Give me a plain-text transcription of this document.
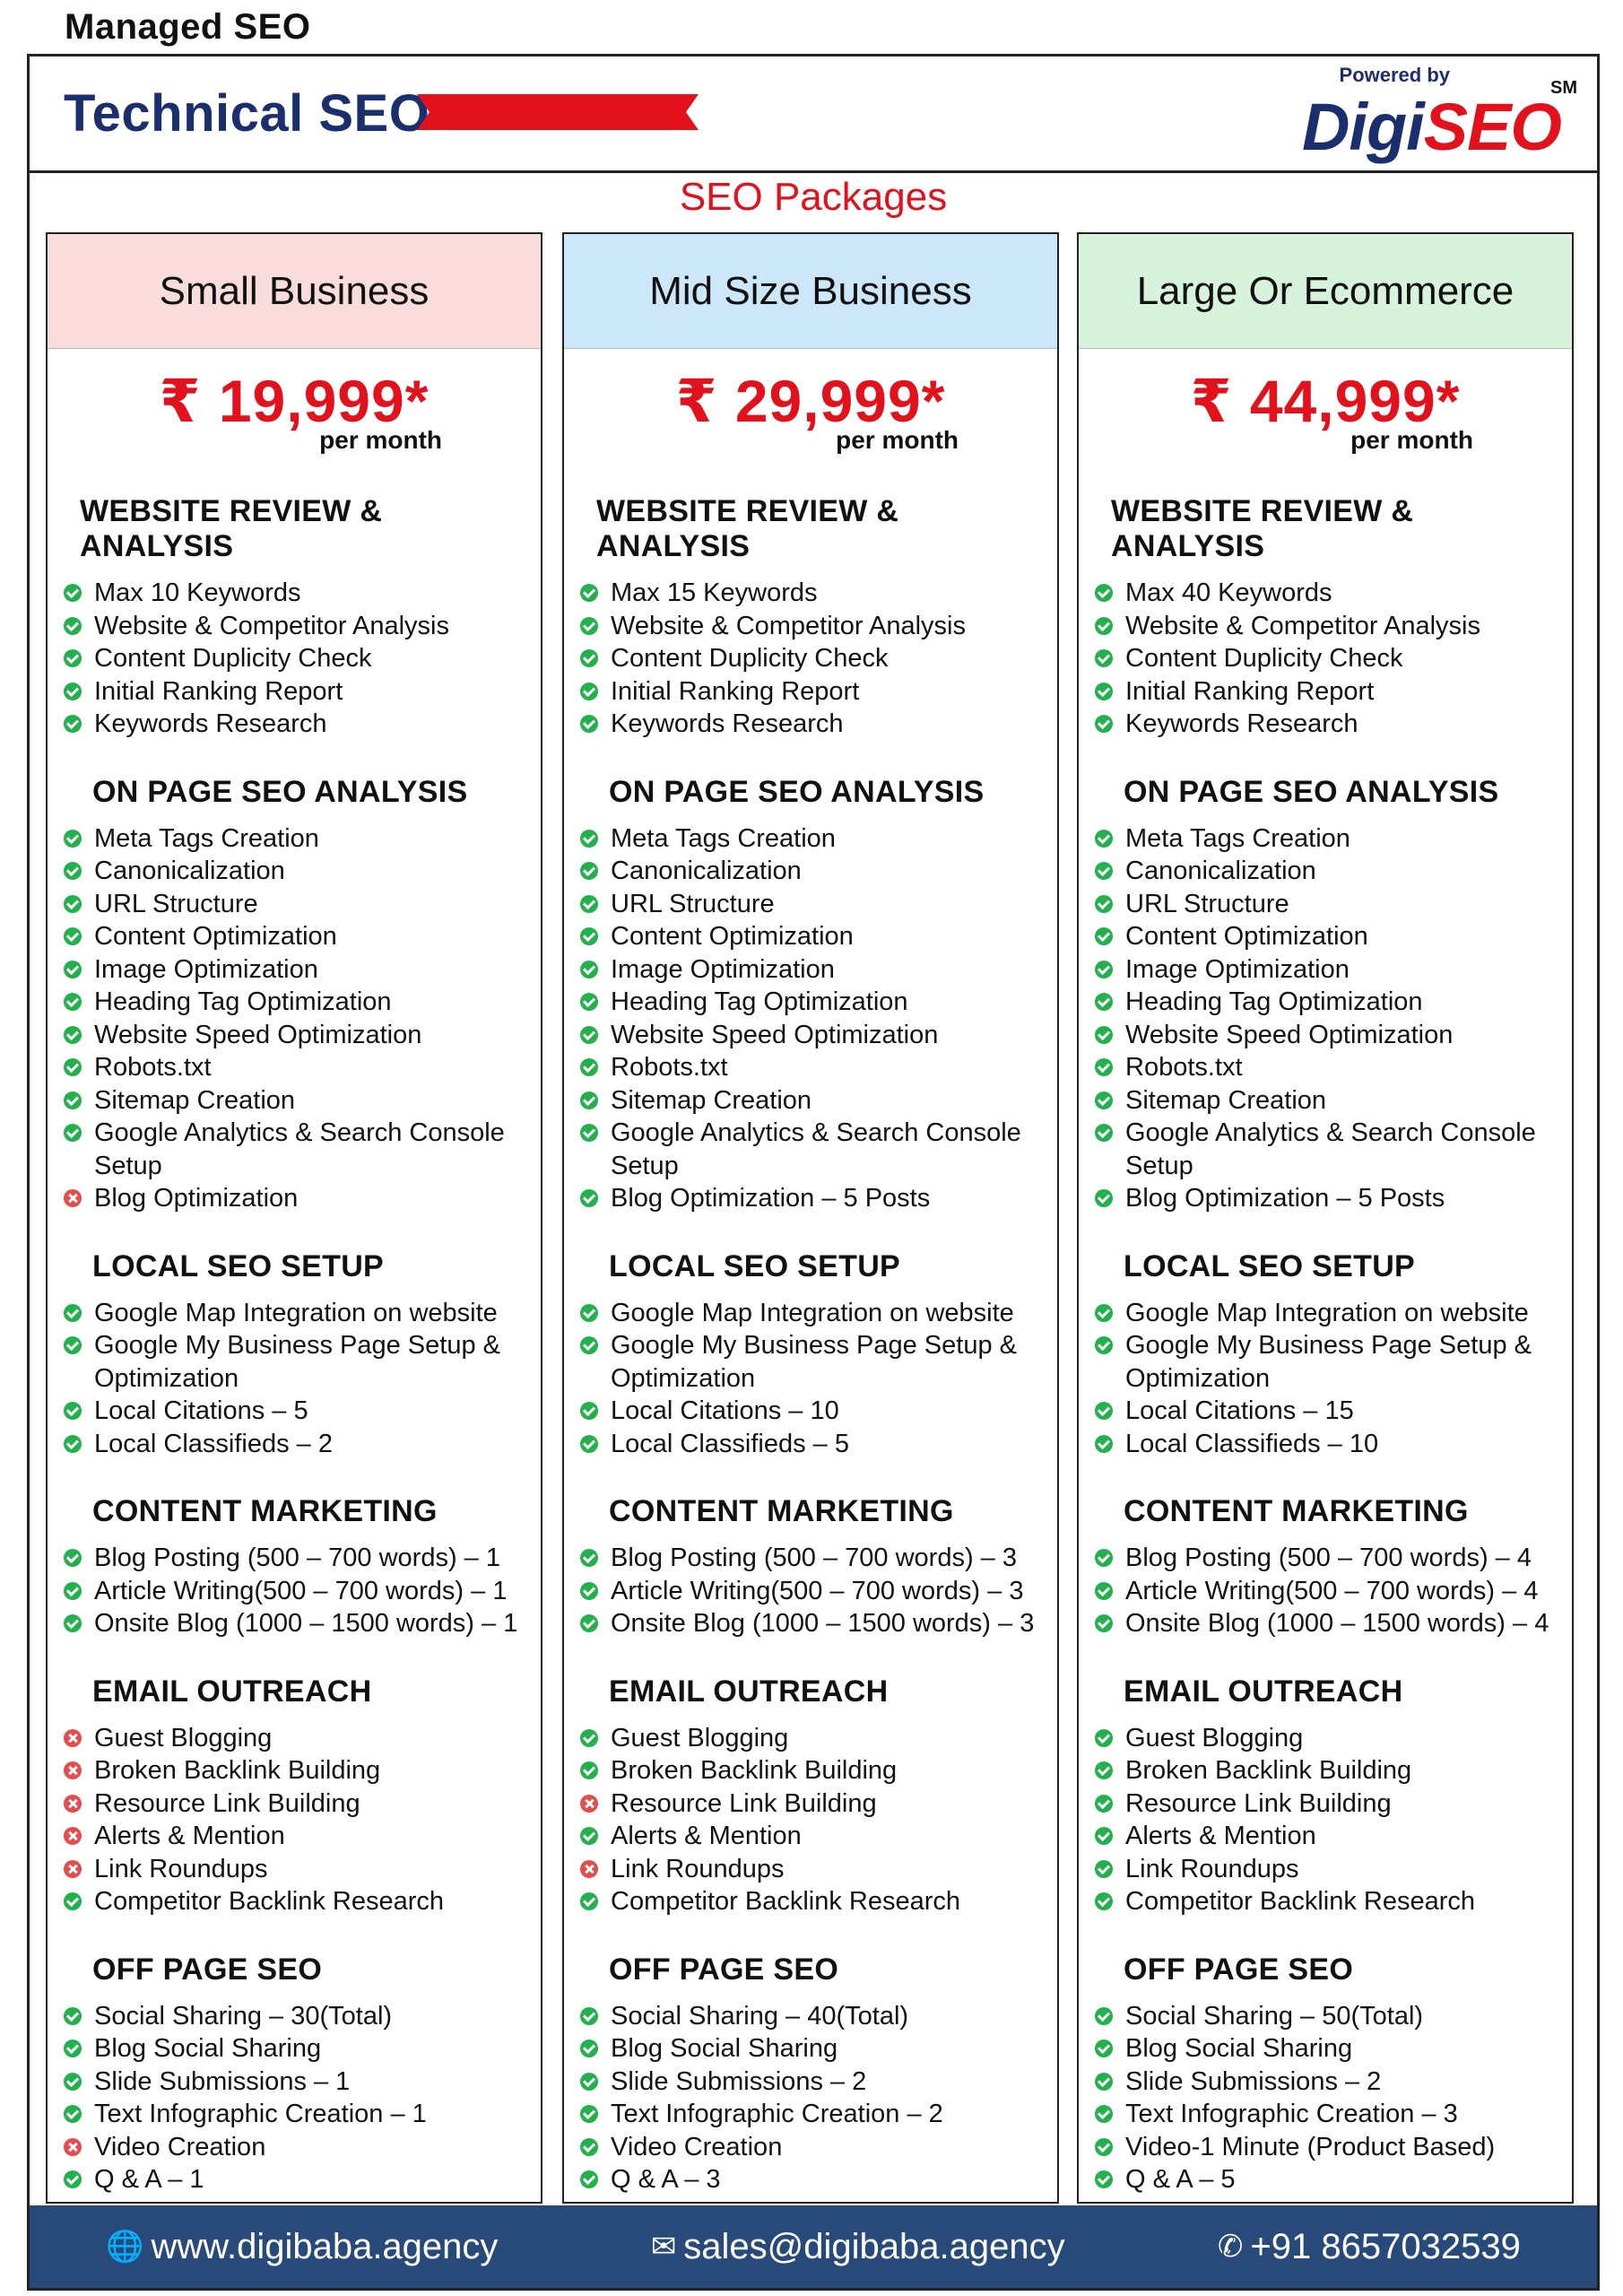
Managed SEO
Technical SEO
Powered by
SM
DigiSEO
SEO Packages
Small Business
₹ 19,999*
per month
WEBSITE REVIEW & ANALYSIS
Max 10 Keywords
Website & Competitor Analysis
Content Duplicity Check
Initial Ranking Report
Keywords Research
ON PAGE SEO ANALYSIS
Meta Tags Creation
Canonicalization
URL Structure
Content Optimization
Image Optimization
Heading Tag Optimization
Website Speed Optimization
Robots.txt
Sitemap Creation
Google Analytics & Search Console Setup
Blog Optimization
LOCAL SEO SETUP
Google Map Integration on website
Google My Business Page Setup & Optimization
Local Citations – 5
Local Classifieds – 2
CONTENT MARKETING
Blog Posting (500 – 700 words) – 1
Article Writing(500 – 700 words) – 1
Onsite Blog (1000 – 1500 words) – 1
EMAIL OUTREACH
Guest Blogging
Broken Backlink Building
Resource Link Building
Alerts & Mention
Link Roundups
Competitor Backlink Research
OFF PAGE SEO
Social Sharing – 30(Total)
Blog Social Sharing
Slide Submissions – 1
Text Infographic Creation – 1
Video Creation
Q & A – 1
Mid Size Business
₹ 29,999*
per month
WEBSITE REVIEW & ANALYSIS
Max 15 Keywords
Website & Competitor Analysis
Content Duplicity Check
Initial Ranking Report
Keywords Research
ON PAGE SEO ANALYSIS
Meta Tags Creation
Canonicalization
URL Structure
Content Optimization
Image Optimization
Heading Tag Optimization
Website Speed Optimization
Robots.txt
Sitemap Creation
Google Analytics & Search Console Setup
Blog Optimization – 5 Posts
LOCAL SEO SETUP
Google Map Integration on website
Google My Business Page Setup & Optimization
Local Citations – 10
Local Classifieds – 5
CONTENT MARKETING
Blog Posting (500 – 700 words) – 3
Article Writing(500 – 700 words) – 3
Onsite Blog (1000 – 1500 words) – 3
EMAIL OUTREACH
Guest Blogging
Broken Backlink Building
Resource Link Building
Alerts & Mention
Link Roundups
Competitor Backlink Research
OFF PAGE SEO
Social Sharing – 40(Total)
Blog Social Sharing
Slide Submissions – 2
Text Infographic Creation – 2
Video Creation
Q & A – 3
Large Or Ecommerce
₹ 44,999*
per month
WEBSITE REVIEW & ANALYSIS
Max 40 Keywords
Website & Competitor Analysis
Content Duplicity Check
Initial Ranking Report
Keywords Research
ON PAGE SEO ANALYSIS
Meta Tags Creation
Canonicalization
URL Structure
Content Optimization
Image Optimization
Heading Tag Optimization
Website Speed Optimization
Robots.txt
Sitemap Creation
Google Analytics & Search Console Setup
Blog Optimization – 5 Posts
LOCAL SEO SETUP
Google Map Integration on website
Google My Business Page Setup & Optimization
Local Citations – 15
Local Classifieds – 10
CONTENT MARKETING
Blog Posting (500 – 700 words) – 4
Article Writing(500 – 700 words) – 4
Onsite Blog (1000 – 1500 words) – 4
EMAIL OUTREACH
Guest Blogging
Broken Backlink Building
Resource Link Building
Alerts & Mention
Link Roundups
Competitor Backlink Research
OFF PAGE SEO
Social Sharing – 50(Total)
Blog Social Sharing
Slide Submissions – 2
Text Infographic Creation – 3
Video-1 Minute (Product Based)
Q & A – 5
🌐 www.digibaba.agency	✉ sales@digibaba.agency	✆ +91 8657032539
